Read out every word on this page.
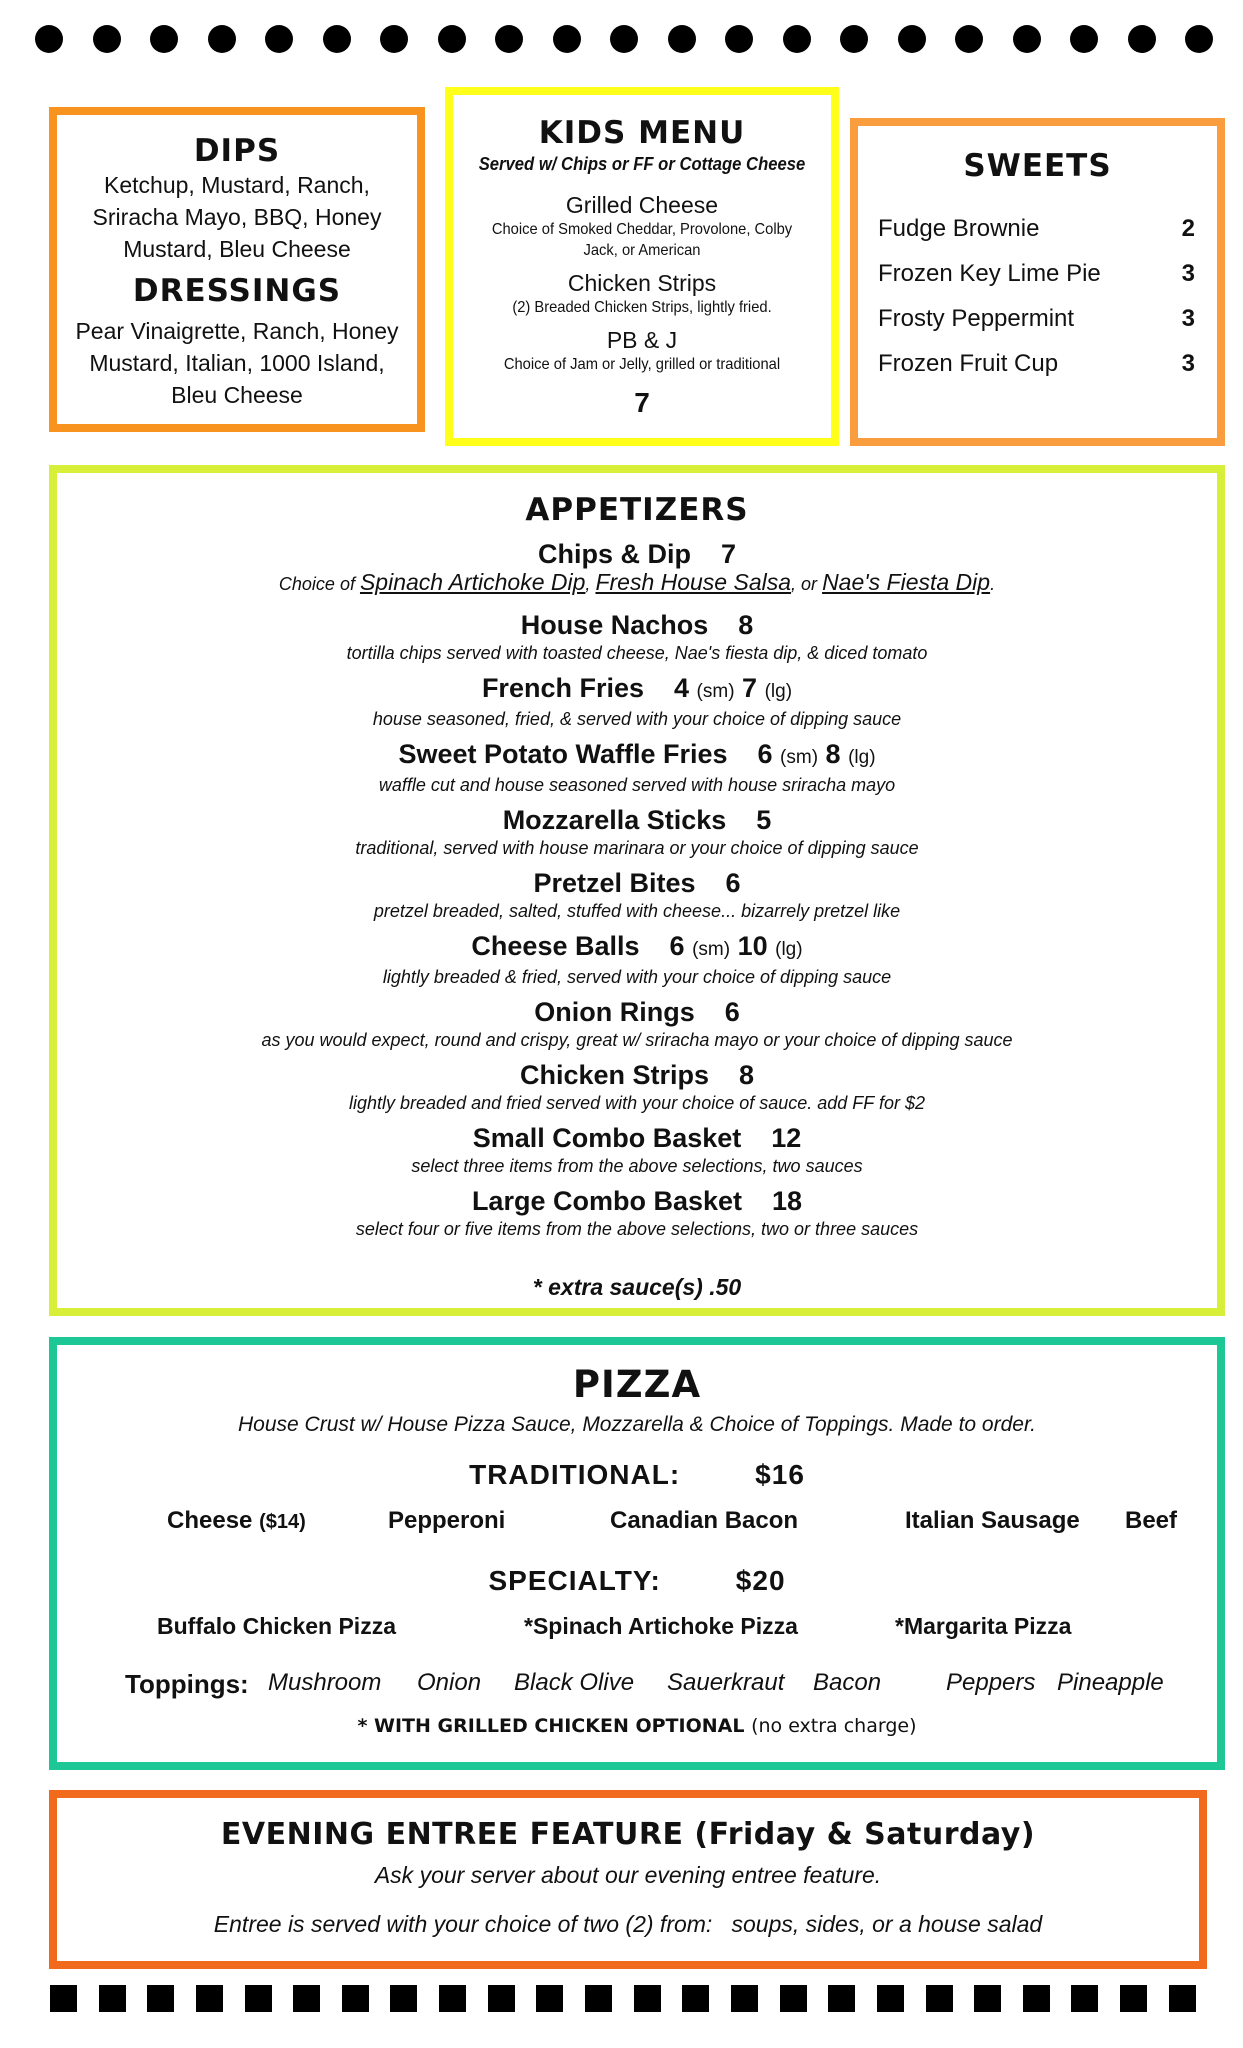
DIPS
Ketchup, Mustard, Ranch, Sriracha Mayo, BBQ, Honey Mustard, Bleu Cheese
DRESSINGS
Pear Vinaigrette, Ranch, Honey Mustard, Italian, 1000 Island, Bleu Cheese
KIDS MENU
Served w/ Chips or FF or Cottage Cheese
Grilled Cheese
Choice of Smoked Cheddar, Provolone, Colby Jack, or American
Chicken Strips
(2) Breaded Chicken Strips, lightly fried.
PB & J
Choice of Jam or Jelly, grilled or traditional
7
SWEETS
Fudge Brownie	2
Frozen Key Lime Pie	3
Frosty Peppermint	3
Frozen Fruit Cup	3
APPETIZERS
Chips & Dip 7
Choice of Spinach Artichoke Dip, Fresh House Salsa, or Nae's Fiesta Dip.
House Nachos 8
tortilla chips served with toasted cheese, Nae's fiesta dip, & diced tomato
French Fries 4 (sm) 7 (lg)
house seasoned, fried, & served with your choice of dipping sauce
Sweet Potato Waffle Fries 6 (sm) 8 (lg)
waffle cut and house seasoned served with house sriracha mayo
Mozzarella Sticks 5
traditional, served with house marinara or your choice of dipping sauce
Pretzel Bites 6
pretzel breaded, salted, stuffed with cheese... bizarrely pretzel like
Cheese Balls 6 (sm) 10 (lg)
lightly breaded & fried, served with your choice of dipping sauce
Onion Rings 6
as you would expect, round and crispy, great w/ sriracha mayo or your choice of dipping sauce
Chicken Strips 8
lightly breaded and fried served with your choice of sauce. add FF for $2
Small Combo Basket 12
select three items from the above selections, two sauces
Large Combo Basket 18
select four or five items from the above selections, two or three sauces
* extra sauce(s) .50
PIZZA
House Crust w/ House Pizza Sauce, Mozzarella & Choice of Toppings. Made to order.
TRADITIONAL:	$16
Cheese ($14)	Pepperoni	Canadian Bacon	Italian Sausage Beef
SPECIALTY:	$20
Buffalo Chicken Pizza	*Spinach Artichoke Pizza	*Margarita Pizza
Toppings: Mushroom Onion Black Olive Sauerkraut Bacon	Peppers Pineapple
* WITH GRILLED CHICKEN OPTIONAL (no extra charge)
EVENING ENTREE FEATURE (Friday & Saturday)
Ask your server about our evening entree feature.
Entree is served with your choice of two (2) from:   soups, sides, or a house salad
